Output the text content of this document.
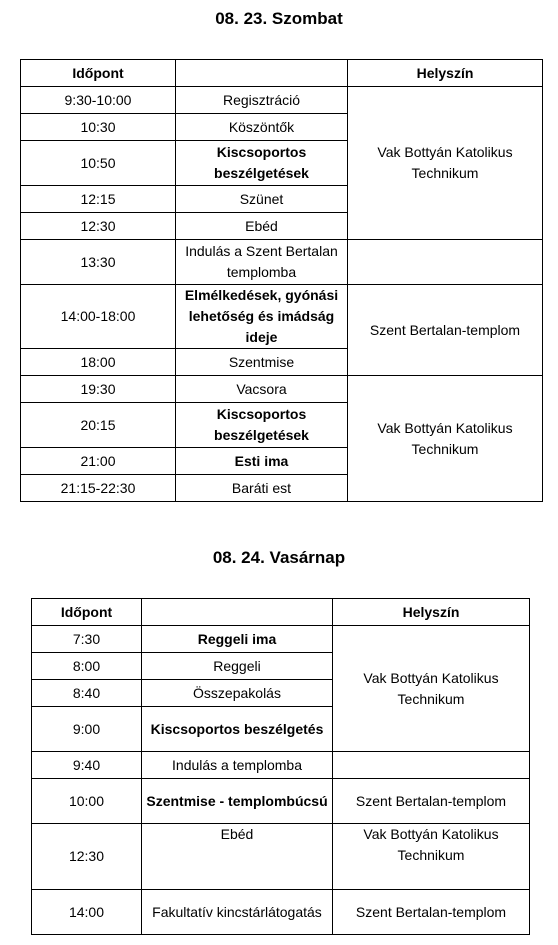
08. 23. Szombat
Időpont		Helyszín
9:30-10:00	Regisztráció	Vak Bottyán Katolikus Technikum
10:30	Köszöntők	
10:50	Kiscsoportos beszélgetések	
12:15	Szünet	
12:30	Ebéd	
13:30	Indulás a Szent Bertalan templomba	
14:00-18:00	Elmélkedések, gyónási lehetőség és imádság ideje	Szent Bertalan-templom
18:00	Szentmise	
19:30	Vacsora	Vak Bottyán Katolikus Technikum
20:15	Kiscsoportos beszélgetések	
21:00	Esti ima	
21:15-22:30	Baráti est	
08. 24. Vasárnap
Időpont		Helyszín
7:30	Reggeli ima	Vak Bottyán Katolikus Technikum
8:00	Reggeli	
8:40	Összepakolás	
9:00	Kiscsoportos beszélgetés	
9:40	Indulás a templomba	
10:00	Szentmise - templombúcsú	Szent Bertalan-templom
12:30	Ebéd	Vak Bottyán Katolikus Technikum
14:00	Fakultatív kincstárlátogatás	Szent Bertalan-templom
